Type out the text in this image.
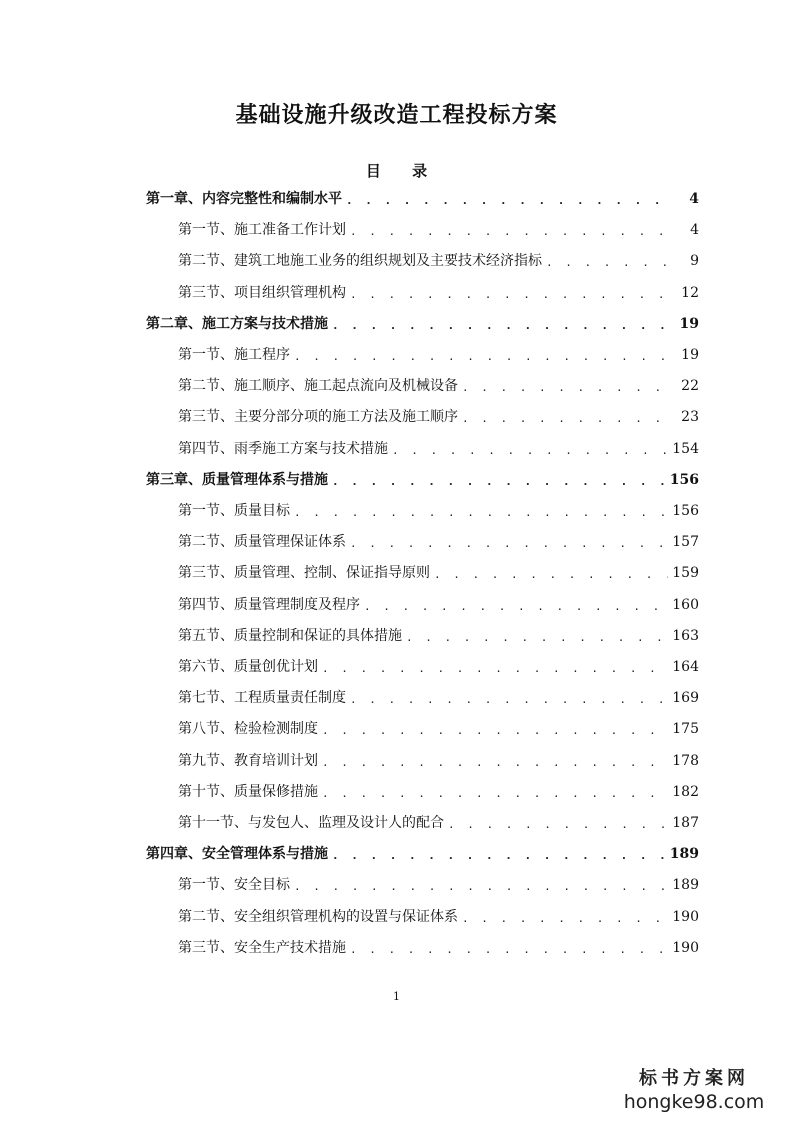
基础设施升级改造工程投标方案
目 录
第一章、内容完整性和编制水平 . . .	4
第一节、施工准备工作计划 . . .	4
第二节、建筑工地施工业务的组织规划及主要技术经济指标 . . .	9
第三节、项目组织管理机构 . . .	12
第二章、施工方案与技术措施 . . .	19
第一节、施工程序 . . .	19
第二节、施工顺序、施工起点流向及机械设备 . . .	22
第三节、主要分部分项的施工方法及施工顺序 . . .	23
第四节、雨季施工方案与技术措施 . . .	154
第三章、质量管理体系与措施 . . .	156
第一节、质量目标 . . .	156
第二节、质量管理保证体系 . . .	157
第三节、质量管理、控制、保证指导原则 . . .	159
第四节、质量管理制度及程序 . . .	160
第五节、质量控制和保证的具体措施 . . .	163
第六节、质量创优计划 . . .	164
第七节、工程质量责任制度 . . .	169
第八节、检验检测制度 . . .	175
第九节、教育培训计划 . . .	178
第十节、质量保修措施 . . .	182
第十一节、与发包人、监理及设计人的配合 . . .	187
第四章、安全管理体系与措施 . . .	189
第一节、安全目标 . . .	189
第二节、安全组织管理机构的设置与保证体系 . . .	190
第三节、安全生产技术措施 . . .	190
1
标书方案网
hongke98.com
